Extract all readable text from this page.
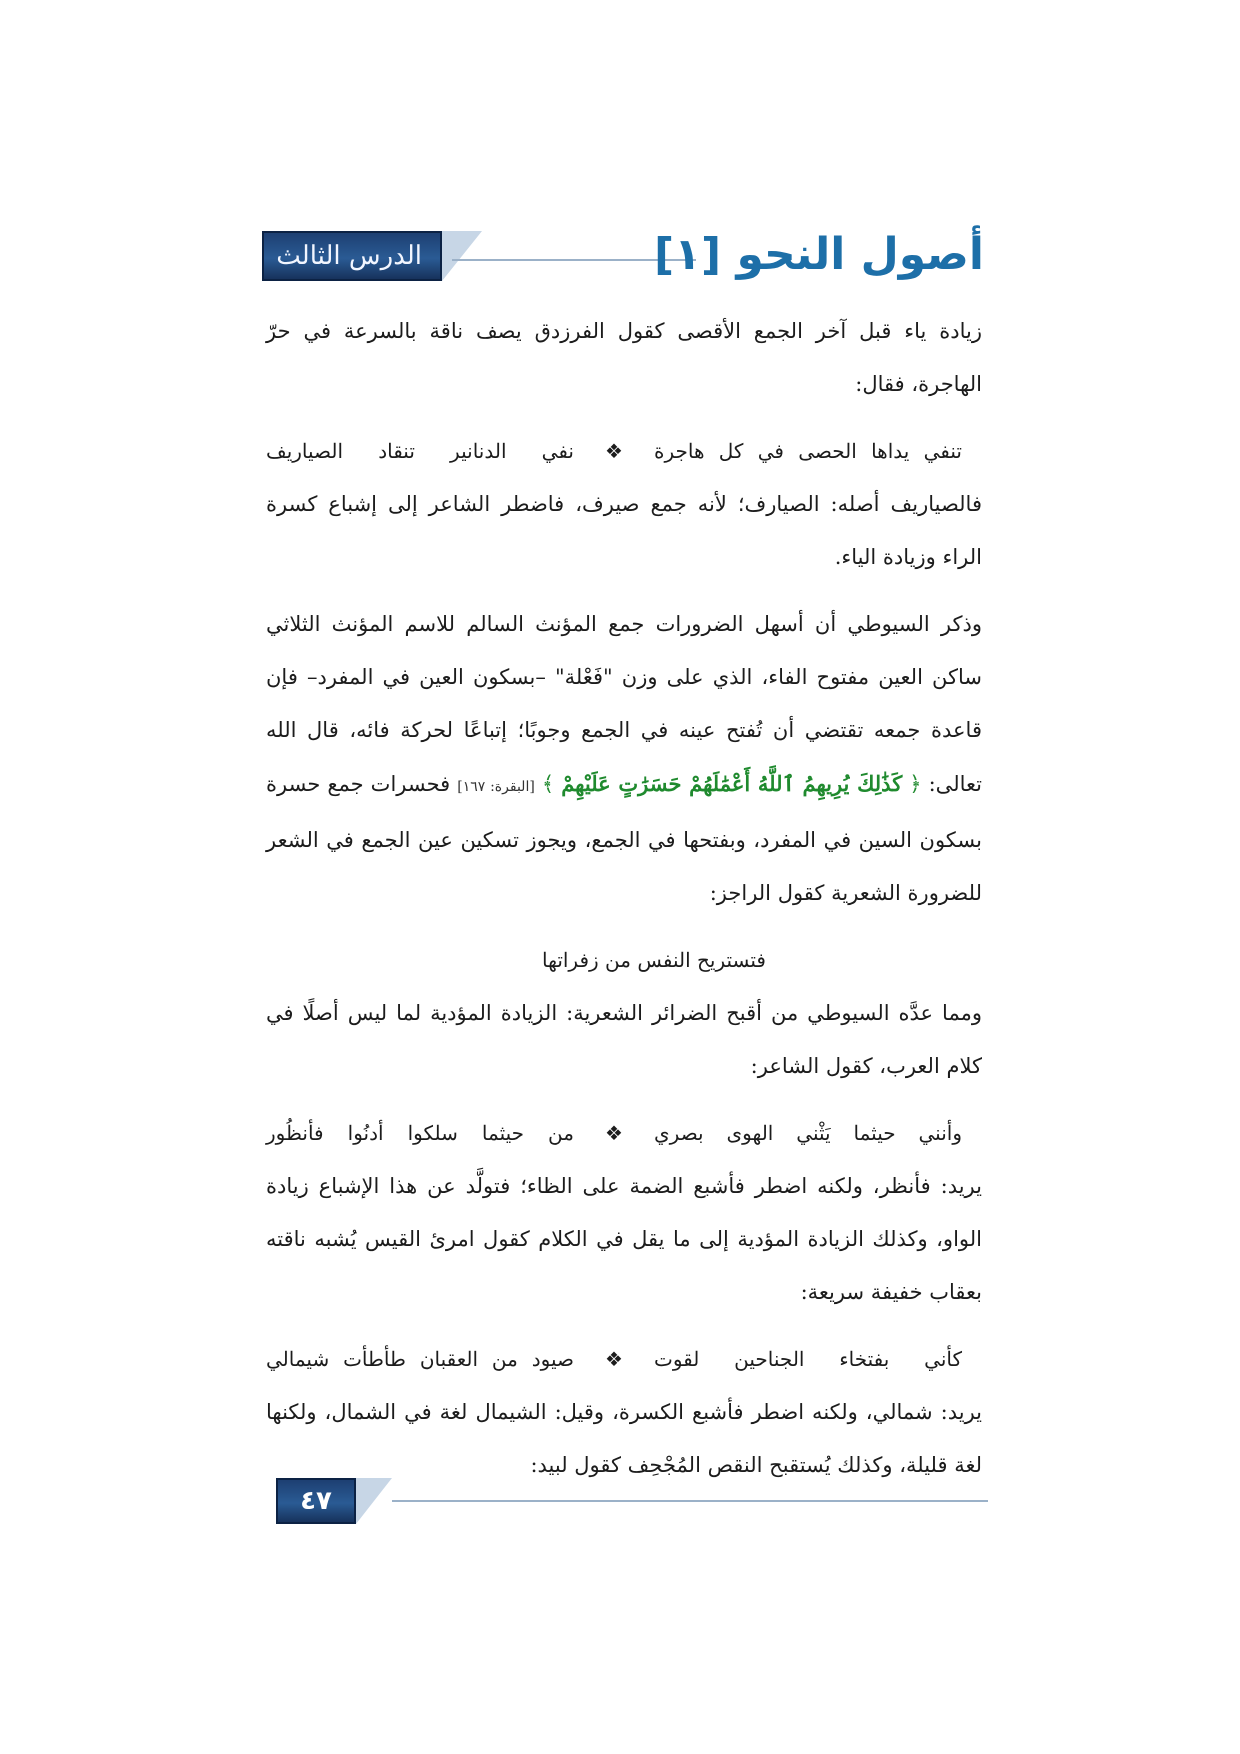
الدرس الثالث	أصول النحو [١]

زيادة ياء قبل آخر الجمع الأقصى كقول الفرزدق يصف ناقة بالسرعة في حرّ الهاجرة، فقال:

تنفي يداها الحصى في كل هاجرة
❖
نفي الدنانير تنقاد الصياريف

فالصياريف أصله: الصيارف؛ لأنه جمع صيرف، فاضطر الشاعر إلى إشباع كسرة الراء وزيادة الياء.

وذكر السيوطي أن أسهل الضرورات جمع المؤنث السالم للاسم المؤنث الثلاثي ساكن العين مفتوح الفاء، الذي على وزن "فَعْلة" –بسكون العين في المفرد– فإن قاعدة جمعه تقتضي أن تُفتح عينه في الجمع وجوبًا؛ إتباعًا لحركة فائه، قال الله تعالى: ﴿ كَذَٰلِكَ يُرِيهِمُ ٱللَّهُ أَعْمَٰلَهُمْ حَسَرَٰتٍ عَلَيْهِمْ ﴾ [البقرة: ١٦٧] فحسرات جمع حسرة بسكون السين في المفرد، وبفتحها في الجمع، ويجوز تسكين عين الجمع في الشعر للضرورة الشعرية كقول الراجز:

فتستريح النفس من زفراتها

ومما عدَّه السيوطي من أقبح الضرائر الشعرية: الزيادة المؤدية لما ليس أصلًا في كلام العرب، كقول الشاعر:

وأنني حيثما يَثْني الهوى بصري
❖
من حيثما سلكوا أدنُوا فأنظُور

يريد: فأنظر، ولكنه اضطر فأشبع الضمة على الظاء؛ فتولَّد عن هذا الإشباع زيادة الواو، وكذلك الزيادة المؤدية إلى ما يقل في الكلام كقول امرئ القيس يُشبه ناقته بعقاب خفيفة سريعة:

كأني بفتخاء الجناحين لقوت
❖
صيود من العقبان طأطأت شيمالي

يريد: شمالي، ولكنه اضطر فأشبع الكسرة، وقيل: الشيمال لغة في الشمال، ولكنها لغة قليلة، وكذلك يُستقبح النقص المُجْحِف كقول لبيد:

٤٧
